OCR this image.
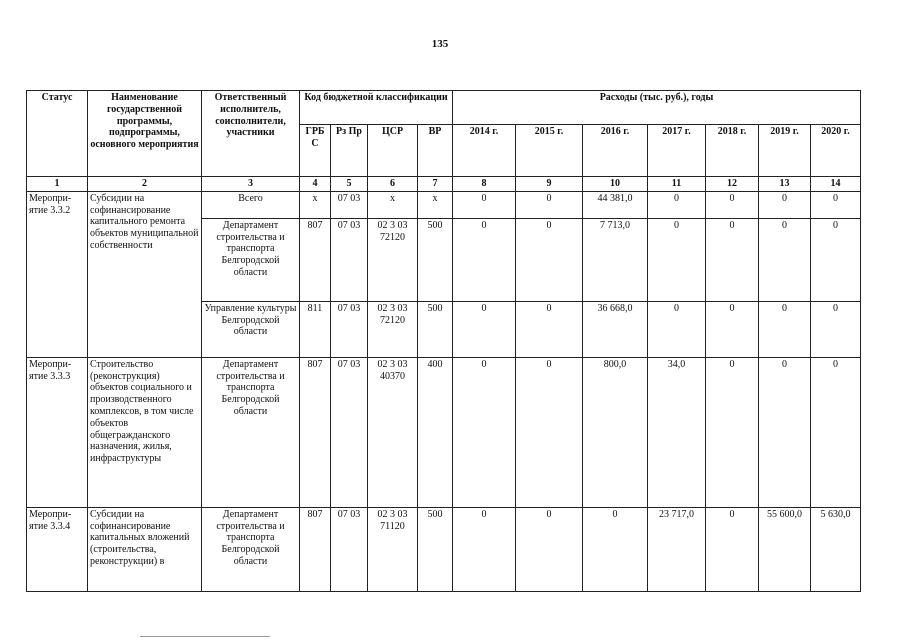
135
Статус	Наименование государственной программы, подпрограммы, основного мероприятия	Ответственный исполнитель, соисполнители, участники	Код бюджетной классификации				Расходы (тыс. руб.), годы						
			ГРБ С	Рз Пр	ЦСР	ВР	2014 г.	2015 г.	2016 г.	2017 г.	2018 г.	2019 г.	2020 г.
1	2	3	4	5	6	7	8	9	10	11	12	13	14
Меропри-ятие 3.3.2	Субсидии на софинансирование капитального ремонта объектов муниципальной собственности	Всего	х	07 03	х	х	0	0	44 381,0	0	0	0	0
		Департамент строительства и транспорта Белгородской области	807	07 03	02 3 03 72120	500	0	0	7 713,0	0	0	0	0
		Управление культуры Белгородской области	811	07 03	02 3 03 72120	500	0	0	36 668,0	0	0	0	0
Меропри-ятие 3.3.3	Строительство (реконструкция) объектов социального и производственного комплексов, в том числе объектов общегражданского назначения, жилья, инфраструктуры	Департамент строительства и транспорта Белгородской области	807	07 03	02 3 03 40370	400	0	0	800,0	34,0	0	0	0
Меропри-ятие 3.3.4	Субсидии на софинансирование капитальных вложений (строительства, реконструкции) в	Департамент строительства и транспорта Белгородской области	807	07 03	02 3 03 71120	500	0	0	0	23 717,0	0	55 600,0	5 630,0
